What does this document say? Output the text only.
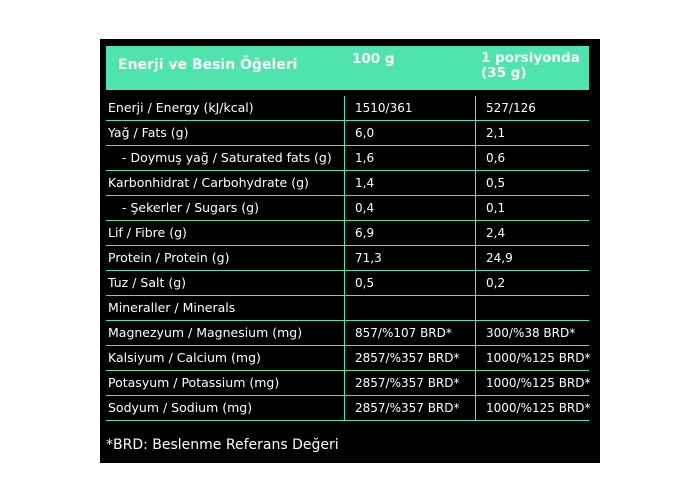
Enerji ve Besin Öğeleri	100 g	1 porsiyonda
(35 g)
Enerji / Energy (kJ/kcal)	1510/361	527/126
Yağ / Fats (g)	6,0	2,1
- Doymuş yağ / Saturated fats (g)	1,6	0,6
Karbonhidrat / Carbohydrate (g)	1,4	0,5
- Şekerler / Sugars (g)	0,4	0,1
Lif / Fibre (g)	6,9	2,4
Protein / Protein (g)	71,3	24,9
Tuz / Salt (g)	0,5	0,2
Mineraller / Minerals
Magnezyum / Magnesium (mg)	857/%107 BRD*	300/%38 BRD*
Kalsiyum / Calcium (mg)	2857/%357 BRD*	1000/%125 BRD*
Potasyum / Potassium (mg)	2857/%357 BRD*	1000/%125 BRD*
Sodyum / Sodium (mg)	2857/%357 BRD*	1000/%125 BRD*
*BRD: Beslenme Referans Değeri
